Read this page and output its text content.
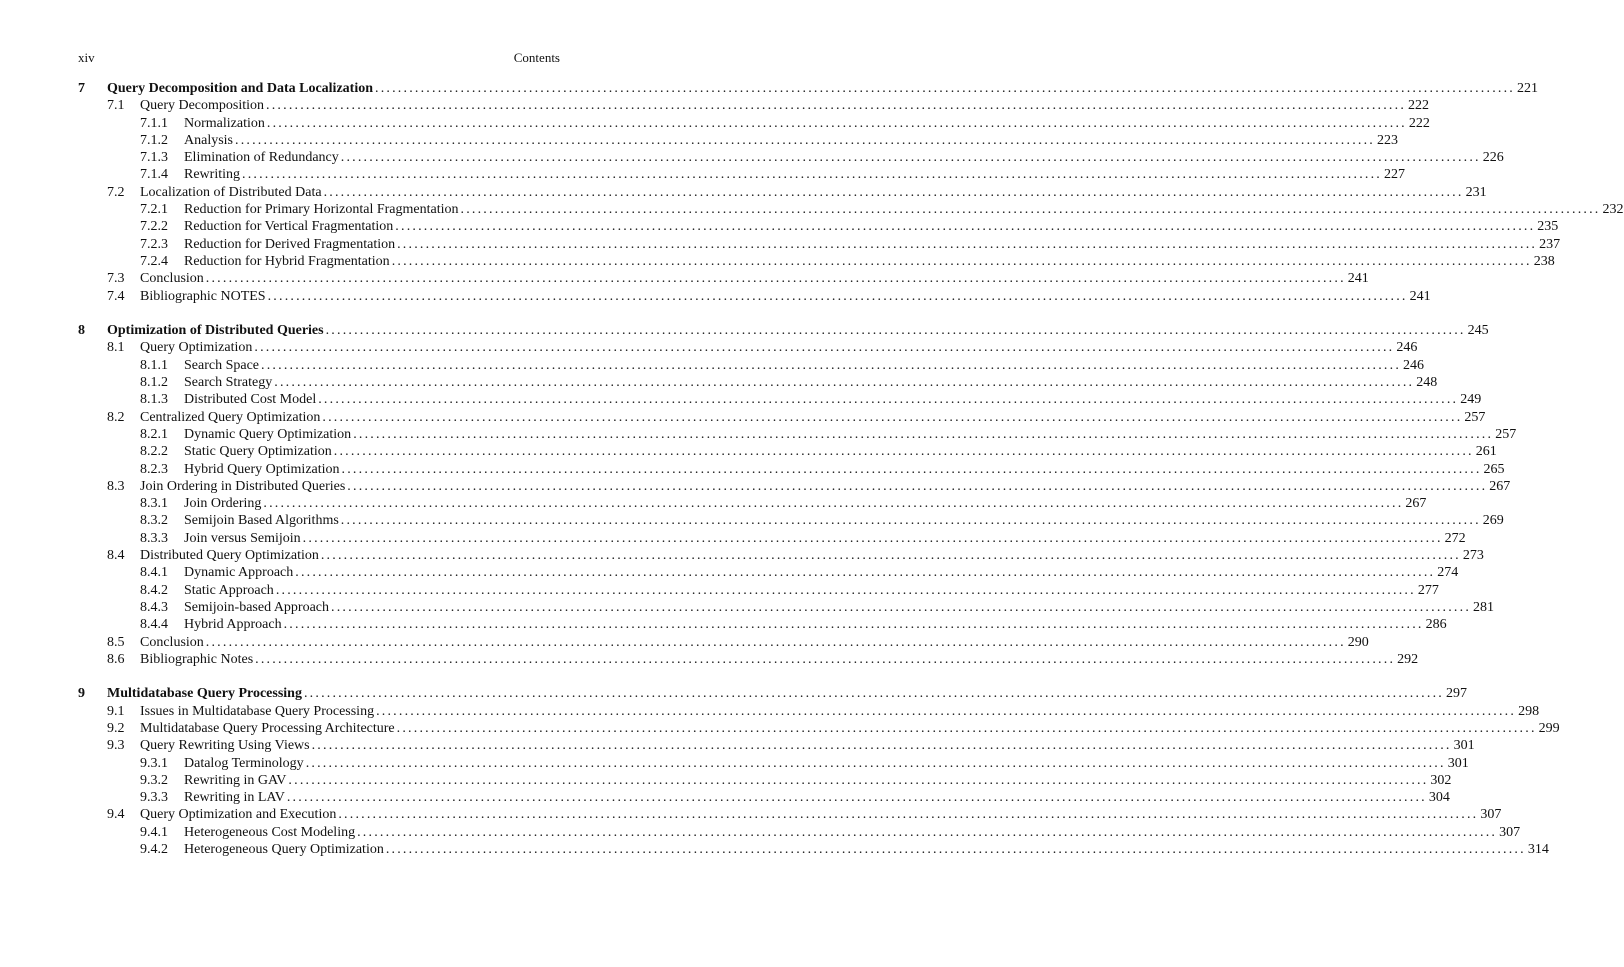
xiv	Contents
7 Query Decomposition and Data Localization ........................................................................................................................................................................................................ 221
7.1 Query Decomposition ........................................................................................................................................................................................................ 222
7.1.1 Normalization ........................................................................................................................................................................................................ 222
7.1.2 Analysis ........................................................................................................................................................................................................ 223
7.1.3 Elimination of Redundancy ........................................................................................................................................................................................................ 226
7.1.4 Rewriting ........................................................................................................................................................................................................ 227
7.2 Localization of Distributed Data ........................................................................................................................................................................................................ 231
7.2.1 Reduction for Primary Horizontal Fragmentation ........................................................................................................................................................................................................ 232
7.2.2 Reduction for Vertical Fragmentation ........................................................................................................................................................................................................ 235
7.2.3 Reduction for Derived Fragmentation ........................................................................................................................................................................................................ 237
7.2.4 Reduction for Hybrid Fragmentation ........................................................................................................................................................................................................ 238
7.3 Conclusion ........................................................................................................................................................................................................ 241
7.4 Bibliographic NOTES ........................................................................................................................................................................................................ 241
8 Optimization of Distributed Queries ........................................................................................................................................................................................................ 245
8.1 Query Optimization ........................................................................................................................................................................................................ 246
8.1.1 Search Space ........................................................................................................................................................................................................ 246
8.1.2 Search Strategy ........................................................................................................................................................................................................ 248
8.1.3 Distributed Cost Model ........................................................................................................................................................................................................ 249
8.2 Centralized Query Optimization ........................................................................................................................................................................................................ 257
8.2.1 Dynamic Query Optimization ........................................................................................................................................................................................................ 257
8.2.2 Static Query Optimization ........................................................................................................................................................................................................ 261
8.2.3 Hybrid Query Optimization ........................................................................................................................................................................................................ 265
8.3 Join Ordering in Distributed Queries ........................................................................................................................................................................................................ 267
8.3.1 Join Ordering ........................................................................................................................................................................................................ 267
8.3.2 Semijoin Based Algorithms ........................................................................................................................................................................................................ 269
8.3.3 Join versus Semijoin ........................................................................................................................................................................................................ 272
8.4 Distributed Query Optimization ........................................................................................................................................................................................................ 273
8.4.1 Dynamic Approach ........................................................................................................................................................................................................ 274
8.4.2 Static Approach ........................................................................................................................................................................................................ 277
8.4.3 Semijoin-based Approach ........................................................................................................................................................................................................ 281
8.4.4 Hybrid Approach ........................................................................................................................................................................................................ 286
8.5 Conclusion ........................................................................................................................................................................................................ 290
8.6 Bibliographic Notes ........................................................................................................................................................................................................ 292
9 Multidatabase Query Processing ........................................................................................................................................................................................................ 297
9.1 Issues in Multidatabase Query Processing ........................................................................................................................................................................................................ 298
9.2 Multidatabase Query Processing Architecture ........................................................................................................................................................................................................ 299
9.3 Query Rewriting Using Views ........................................................................................................................................................................................................ 301
9.3.1 Datalog Terminology ........................................................................................................................................................................................................ 301
9.3.2 Rewriting in GAV ........................................................................................................................................................................................................ 302
9.3.3 Rewriting in LAV ........................................................................................................................................................................................................ 304
9.4 Query Optimization and Execution ........................................................................................................................................................................................................ 307
9.4.1 Heterogeneous Cost Modeling ........................................................................................................................................................................................................ 307
9.4.2 Heterogeneous Query Optimization ........................................................................................................................................................................................................ 314
